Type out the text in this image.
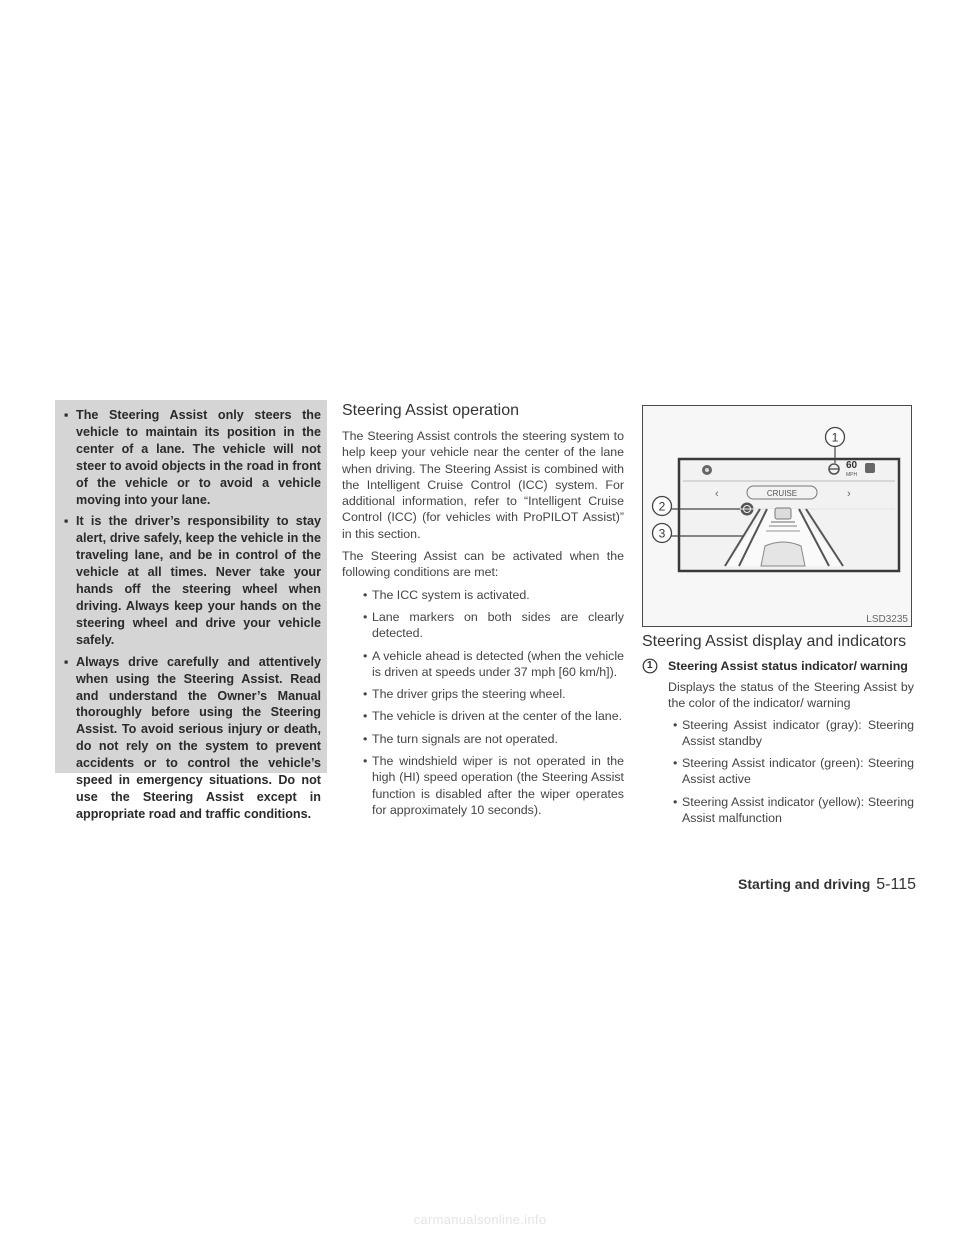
▪ The Steering Assist only steers the vehicle to maintain its position in the center of a lane. The vehicle will not steer to avoid objects in the road in front of the vehicle or to avoid a vehicle moving into your lane.
▪ It is the driver’s responsibility to stay alert, drive safely, keep the vehicle in the traveling lane, and be in control of the vehicle at all times. Never take your hands off the steering wheel when driving. Always keep your hands on the steering wheel and drive your vehicle safely.
▪ Always drive carefully and attentively when using the Steering Assist. Read and understand the Owner’s Manual thoroughly before using the Steering Assist. To avoid serious injury or death, do not rely on the system to prevent accidents or to control the vehicle’s speed in emergency situations. Do not use the Steering Assist except in appropriate road and traffic conditions.
Steering Assist operation

The Steering Assist controls the steering system to help keep your vehicle near the center of the lane when driving. The Steering Assist is combined with the Intelligent Cruise Control (ICC) system. For additional information, refer to “Intelligent Cruise Control (ICC) (for vehicles with ProPILOT Assist)” in this section.

The Steering Assist can be activated when the following conditions are met:

• The ICC system is activated.
• Lane markers on both sides are clearly detected.
• A vehicle ahead is detected (when the vehicle is driven at speeds under 37 mph [60 km/h]).
• The driver grips the steering wheel.
• The vehicle is driven at the center of the lane.
• The turn signals are not operated.
• The windshield wiper is not operated in the high (HI) speed operation (the Steering Assist function is disabled after the wiper operates for approximately 10 seconds).
60
MPH
CRUISE
‹	›
1
2
3
LSD3235
Steering Assist display and indicators
1 Steering Assist status indicator/ warning

Displays the status of the Steering Assist by the color of the indicator/ warning

• Steering Assist indicator (gray): Steering Assist standby
• Steering Assist indicator (green): Steering Assist active
• Steering Assist indicator (yellow): Steering Assist malfunction
Starting and driving 5-115
carmanualsonline.info
